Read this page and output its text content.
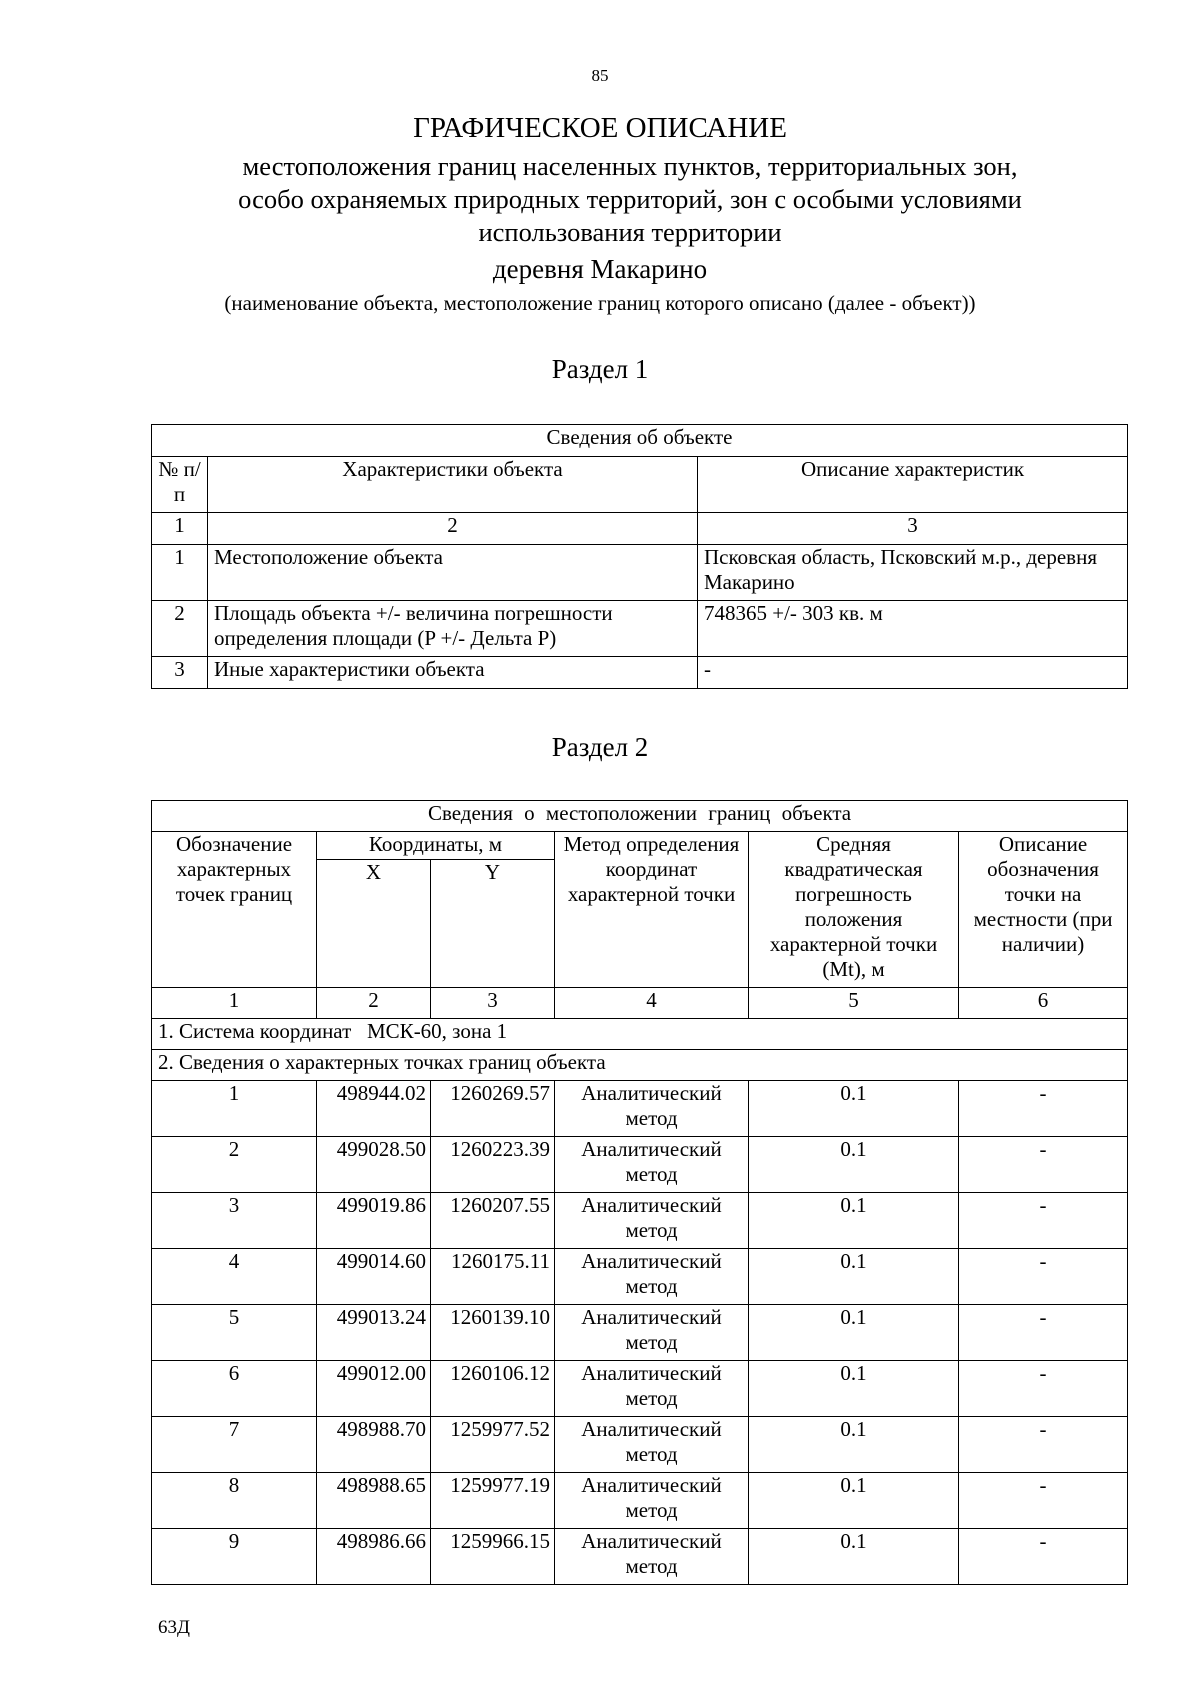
85
ГРАФИЧЕСКОЕ ОПИСАНИЕ
местоположения границ населенных пунктов, территориальных зон,
особо охраняемых природных территорий, зон с особыми условиями
использования территории
деревня Макарино
(наименование объекта, местоположение границ которого описано (далее - объект))
Раздел 1
Сведения об объекте		
№ п/п	Характеристики объекта	Описание характеристик
1	2	3
1	Местоположение объекта	Псковская область, Псковский м.р., деревня Макарино
2	Площадь объекта +/- величина погрешности определения площади (P +/- Дельта P)	748365 +/- 303 кв. м
3	Иные характеристики объекта	-
Раздел 2
Сведения о местоположении границ объекта					
Обозначение характерных точек границ	Координаты, м		Метод определения координат характерной точки	Средняя квадратическая погрешность положения характерной точки (Mt), м	Описание обозначения точки на местности (при наличии)
	X	Y			
1	2	3	4	5	6
1. Система координат   МСК-60, зона 1					
2. Сведения о характерных точках границ объекта					
1	498944.02	1260269.57	Аналитический метод	0.1	-
2	499028.50	1260223.39	Аналитический метод	0.1	-
3	499019.86	1260207.55	Аналитический метод	0.1	-
4	499014.60	1260175.11	Аналитический метод	0.1	-
5	499013.24	1260139.10	Аналитический метод	0.1	-
6	499012.00	1260106.12	Аналитический метод	0.1	-
7	498988.70	1259977.52	Аналитический метод	0.1	-
8	498988.65	1259977.19	Аналитический метод	0.1	-
9	498986.66	1259966.15	Аналитический метод	0.1	-
63Д
